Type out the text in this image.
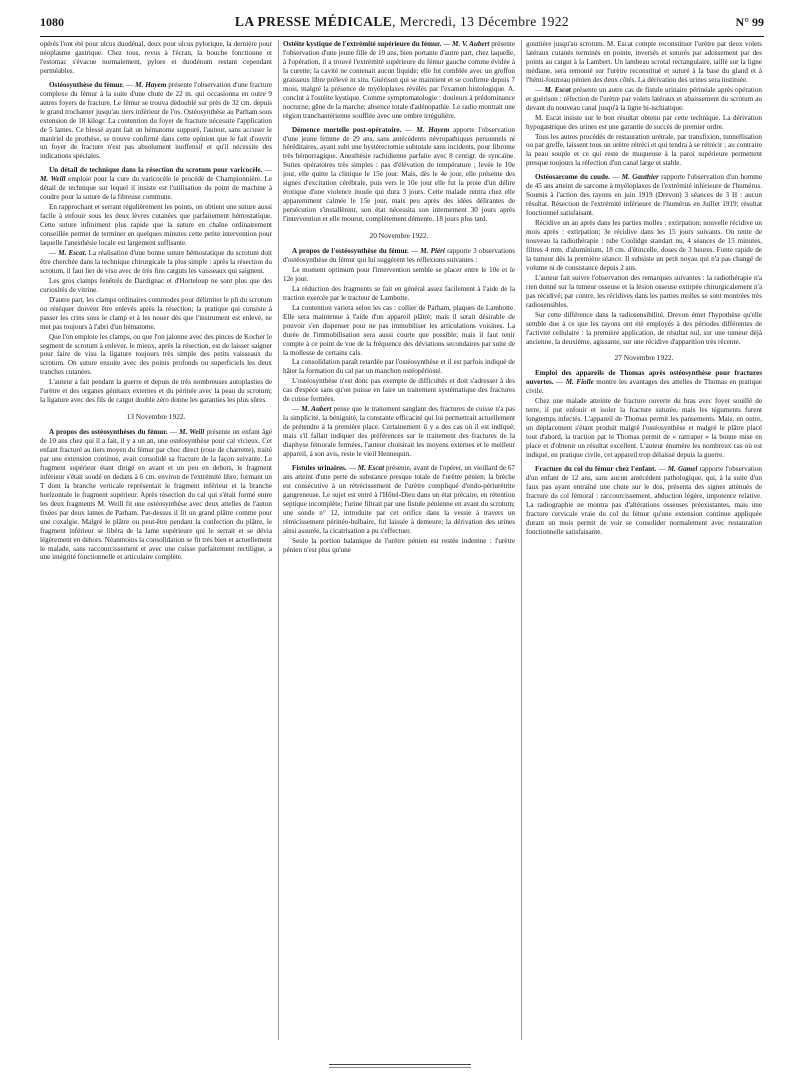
1080	LA PRESSE MÉDICALE, Mercredi, 13 Décembre 1922	N° 99

opérés l'ont été pour ulcus duodénal, deux pour ulcus pylorique, la dernière pour néoplasme gastrique. Chez tous, revus à l'écran, la bouche fonctionne et l'estomac s'évacue normalement, pylore et duodénum restant cependant perméables.

Ostéosynthèse du fémur. — M. Hayem présente l'observation d'une fracture complexe du fémur à la suite d'une chute de 22 m. qui occasionna en outre 9 autres foyers de fracture. Le fémur se trouva dédoublé sur près de 32 cm. depuis le grand trochanter jusqu'au tiers inférieur de l'os. Ostéosynthèse au Parham sous extension de 18 kilogr. La contention du foyer de fracture nécessite l'application de 5 lames. Ce blessé ayant fait un hématome suppuré, l'auteur, sans accuser le matériel de prothèse, se trouve confirmé dans cette opinion que le fait d'ouvrir un foyer de fracture n'est pas absolument inoffensif et qu'il nécessite des indications spéciales.

Un détail de technique dans la résection du scrotum pour varicocèle. — M. Weill emploie pour la cure du varicocèle le procédé de Championnière. Le détail de technique sur lequel il insiste est l'utilisation du point de machine à coudre pour la suture de la fibreuse commune.

En rapprochant et serrant régulièrement les points, on obtient une suture aussi facile à enfouir sous les deux lèvres cutanées que parfaitement hémostatique. Cette suture infiniment plus rapide que la suture en chaîne ordinairement conseillée permet de terminer en quelques minutes cette petite intervention pour laquelle l'anesthésie locale est largement suffisante.

— M. Escat. La réalisation d'une bonne suture hémostatique du scrotum doit être cherchée dans la technique chirurgicale la plus simple : après la résection du scrotum, il faut lier de visu avec de très fins catguts les vaisseaux qui saignent.

Les gros clamps fenêtrés de Dardignac et d'Horteloup ne sont plus que des curiosités de vitrine.

D'autre part, les clamps ordinaires commodes pour délimiter le pli du scrotum ou réséquer doivent être enlevés après la résection; la pratique qui consiste à passer les crins sous le clamp et à les nouer dès que l'instrument est enlevé, ne met pas toujours à l'abri d'un hématome.

Que l'on emploie les clamps, ou que l'on jalonne avec des pinces de Kocher le segment de scrotum à enlever, le mieux, après la résection, est de laisser saigner pour faire de visu la ligature toujours très simple des petits vaisseaux du scrotum. On suture ensuite avec des points profonds ou superficiels les deux tranches cutanées.

L'auteur a fait pendant la guerre et depuis de très nombreuses autoplasties de l'urètre et des organes génitaux externes et du périnée avec la peau du scrotum; la ligature avec des fils de catgut double zéro donne les garanties les plus sûres.

13 Novembre 1922.

A propos des ostéosynthèses du fémur. — M. Weill présente un enfant âgé de 10 ans chez qui il a fait, il y a un an, une ostéosynthèse pour cal vicieux. Cet enfant fracturé au tiers moyen du fémur par choc direct (roue de charrette), traité par une extension continue, avait consolidé sa fracture de la façon suivante. Le fragment supérieur étant dirigé en avant et un peu en dehors, le fragment inférieur s'était soudé en dedans à 6 cm. environ de l'extrémité libre, formant un T dont la branche verticale représentait le fragment inférieur et la branche horizontale le fragment supérieur. Après résection du cal qui s'était formé entre les deux fragments M. Weill fit une ostéosynthèse avec deux attelles de l'auton fixées par deux lames de Parham. Par-dessus il fit un grand plâtre comme pour une coxalgie. Malgré le plâtre ou peut-être pendant la confection du plâtre, le fragment inférieur se libéra de la lame supérieure qui le serrait et se dévia légèrement en dehors. Néanmoins la consolidation se fit très bien et actuellement le malade, sans raccourcissement et avec une cuisse parfaitement rectiligne, a une intégrité fonctionnelle et articulaire complète.

Ostéite kystique de l'extrémité supérieure du fémur. — M. V. Aubert présente l'observation d'une jeune fille de 19 ans, bien portante d'autre part, chez laquelle, à l'opération, il a trouvé l'extrémité supérieure du fémur gauche comme évidée à la curette; la cavité ne contenait aucun liquide; elle fut comblée avec un greffon graisseux libre prélevé in situ. Guérison qui se maintient et se confirme depuis 7 mois, malgré la présence de myéloplaxes révélés par l'examen histologique. A. conclut à l'ostéite kystique. Comme symptomatologie : douleurs à prédominance nocturne; gêne de la marche; absence totale d'adénopathie. Le radio montrait une région tranchantérienne soufflée avec une ombre irrégulière.

Démence mortelle post-opératoire. — M. Hayem apporte l'observation d'une jeune femme de 29 ans, sans antécédents névropathiques personnels ni héréditaires, ayant subi une hystérectomie subtotale sans incidents, pour fibrome très hémorragique. Anesthésie rachidienne parfaite avec 8 centigr. de syncaïne. Suites opératoires très simples : pas d'élévation de température ; levée le 10e jour, elle quitte la clinique le 15e jour. Mais, dès le 4e jour, elle présente des signes d'excitation cérébrale, puis vers le 10e jour elle fut la proie d'un délire érotique d'une violence inouïe qui dura 3 jours. Cette malade rentra chez elle apparemment calmée le 15e jour, mais peu après des idées délirantes de persécution s'installèrent, son état nécessita son internement 30 jours après l'intervention et elle mourut, complètement démente, 18 jours plus tard.

20 Novembre 1922.

A propos de l'ostéosynthèse du fémur. — M. Piéri rapporte 3 observations d'ostéosynthèse du fémur qui lui suggèrent les réflexions suivantes :

Le moment optimum pour l'intervention semble se placer entre le 10e et le 12e jour.

La réduction des fragments se fait en général assez facilement à l'aide de la traction exercée par le tracteur de Lambotte.

La contention variera selon les cas : collier de Parham, plaques de Lambotte. Elle sera maintenue à l'aide d'un appareil plâtré; mais il serait désirable de pouvoir s'en dispenser pour ne pas immobiliser les articulations voisines. La durée de l'immobilisation sera aussi courte que possible; mais il faut tenir compte à ce point de vue de la fréquence des déviations secondaires par suite de la mollesse de certains cals.

La consolidation paraît retardée par l'ostéosynthèse et il est parfois indiqué de hâter la formation du cal par un manchon ostéopériosté.

L'ostéosynthèse n'est donc pas exempte de difficultés et doit s'adresser à des cas d'espèce sans qu'on puisse en faire un traitement systématique des fractures de cuisse fermées.

— M. Aubert pense que le traitement sanglant des fractures de cuisse n'a pas la simplicité, la bénignité, la constante efficacité qui lui permettrait actuellement de prétendre à la première place. Certainement il y a des cas où il est indiqué; mais s'il fallait indiquer des préférences sur le traitement des fractures de la diaphyse fémorale fermées, l'auteur choisirait les moyens externes et le meilleur appareil, à son avis, reste le vieil Hennequin.

Fistules urinaires. — M. Escat présente, avant de l'opérer, un vieillard de 67 ans atteint d'une perte de substance presque totale de l'urètre pénien; la brèche est consécutive à un rétrécissement de l'urètre compliqué d'endo-périurétrite gangreneuse. Le sujet est entré à l'Hôtel-Dieu dans un état précaire, en rétention septique incomplète; l'urine filtrait par une fistule pénienne en avant du scrotum; une sonde n° 12, introduite par cet orifice dans la vessie à travers un rétrécissement périnéo-bulbaire, fut laissée à demeure; la dérivation des urines ainsi assurée, la cicatrisation a pu s'effectuer.

Seule la portion balanique de l'urètre pénien est restée indemne : l'urètre pénien n'est plus qu'une

gouttière jusqu'au scrotum. M. Escat compte reconstituer l'urètre par deux volets latéraux cutanés terminés en pointe, inversés et suturés par adossement par des points au catgut à la Lambert. Un lambeau scrotal rectangulaire, taillé sur la ligne médiane, sera remonté sur l'urètre reconstitué et suturé à la base du gland et à l'hémi-fourreau pénien des deux côtés. La dérivation des urines sera instituée.

— M. Escat présente un autre cas de fistule urinaire périnéale après opération et guérison : réfection de l'urètre par volets latéraux et abaissement du scrotum au devant du nouveau canal jusqu'à la ligne bi-ischiatique.

M. Escat insiste sur le bon résultat obtenu par cette technique. La dérivation hypogastrique des urines est une garantie de succès de premier ordre.

Tous les autres procédés de restauration urétrale, par transfixion, tunnellisation ou par greffe, laissent tous un urètre rétréci et qui tendra à se rétrécir ; au contraire la peau souple et ce qui reste de muqueuse à la paroi supérieure permettent presque toujours la réfection d'un canal large et stable.

Ostéosarcome du coude. — M. Gauthier rapporte l'observation d'un homme de 45 ans atteint de sarcome à myéloplaxes de l'extrémité inférieure de l'humérus. Soumis à l'action des rayons en juin 1919 (Drevon) 3 séances de 3 H : aucun résultat. Résection de l'extrémité inférieure de l'humérus en Juillet 1919; résultat fonctionnel satisfaisant.

Récidive un an après dans les parties molles : extirpation; nouvelle récidive un mois après : extirpation; 3e récidive dans les 15 jours suivants. On tente de nouveau la radiothérapie : tube Coolidge standart nu, 4 séances de 15 minutes, filtres 4 mm. d'aluminium, 18 cm. d'étincelle, doses de 3 heures. Fonte rapide de la tumeur dès la première séance. Il subsiste un petit noyau qui n'a pas changé de volume ni de consistance depuis 2 ans.

L'auteur fait suivre l'observation des remarques suivantes : la radiothérapie n'a rien donné sur la tumeur osseuse et la lésion osseuse extirpée chirurgicalement n'a pas récidivé; par contre, les récidives dans les parties molles se sont montrées très radiosensibles.

Sur cette différence dans la radiosensibilité, Drevon émet l'hypothèse qu'elle semble due à ce que les rayons ont été employés à des périodes différentes de l'activité cellulaire : la première application, de résultat nul, sur une tumeur déjà ancienne, la deuxième, agissante, sur une récidive d'apparition très récente.

27 Novembre 1922.

Emploi des appareils de Thomas après ostéosynthèse pour fractures ouvertes. — M. Fiolle montre les avantages des attelles de Thomas en pratique civile.

Chez une malade atteinte de fracture ouverte du bras avec foyer souillé de terre, il put enfouir et isoler la fracture suturée, mais les téguments furent longtemps infectés. L'appareil de Thomas permit les pansements. Mais, en outre, un déplacement s'étant produit malgré l'ostéosynthèse et malgré le plâtre placé tout d'abord, la traction par le Thomas permit de « rattraper » la bonne mise en place et d'obtenir un résultat excellent. L'auteur énumère les nombreux cas où est indiqué, en pratique civile, cet appareil trop délaissé depuis la guerre.

Fracture du col du fémur chez l'enfant. — M. Gamel rapporte l'observation d'un enfant de 12 ans, sans aucun antécédent pathologique, qui, à la suite d'un faux pas ayant entraîné une chute sur le dos, présenta des signes atténués de fracture du col fémoral : raccourcissement, abduction légère, impotence relative. La radiographie ne montra pas d'altérations osseuses préexistantes, mais une fracture cervicale vraie du col du fémur qu'une extension continue appliquée durant un mois permit de voir se consolider normalement avec restauration fonctionnelle satisfaisante.
